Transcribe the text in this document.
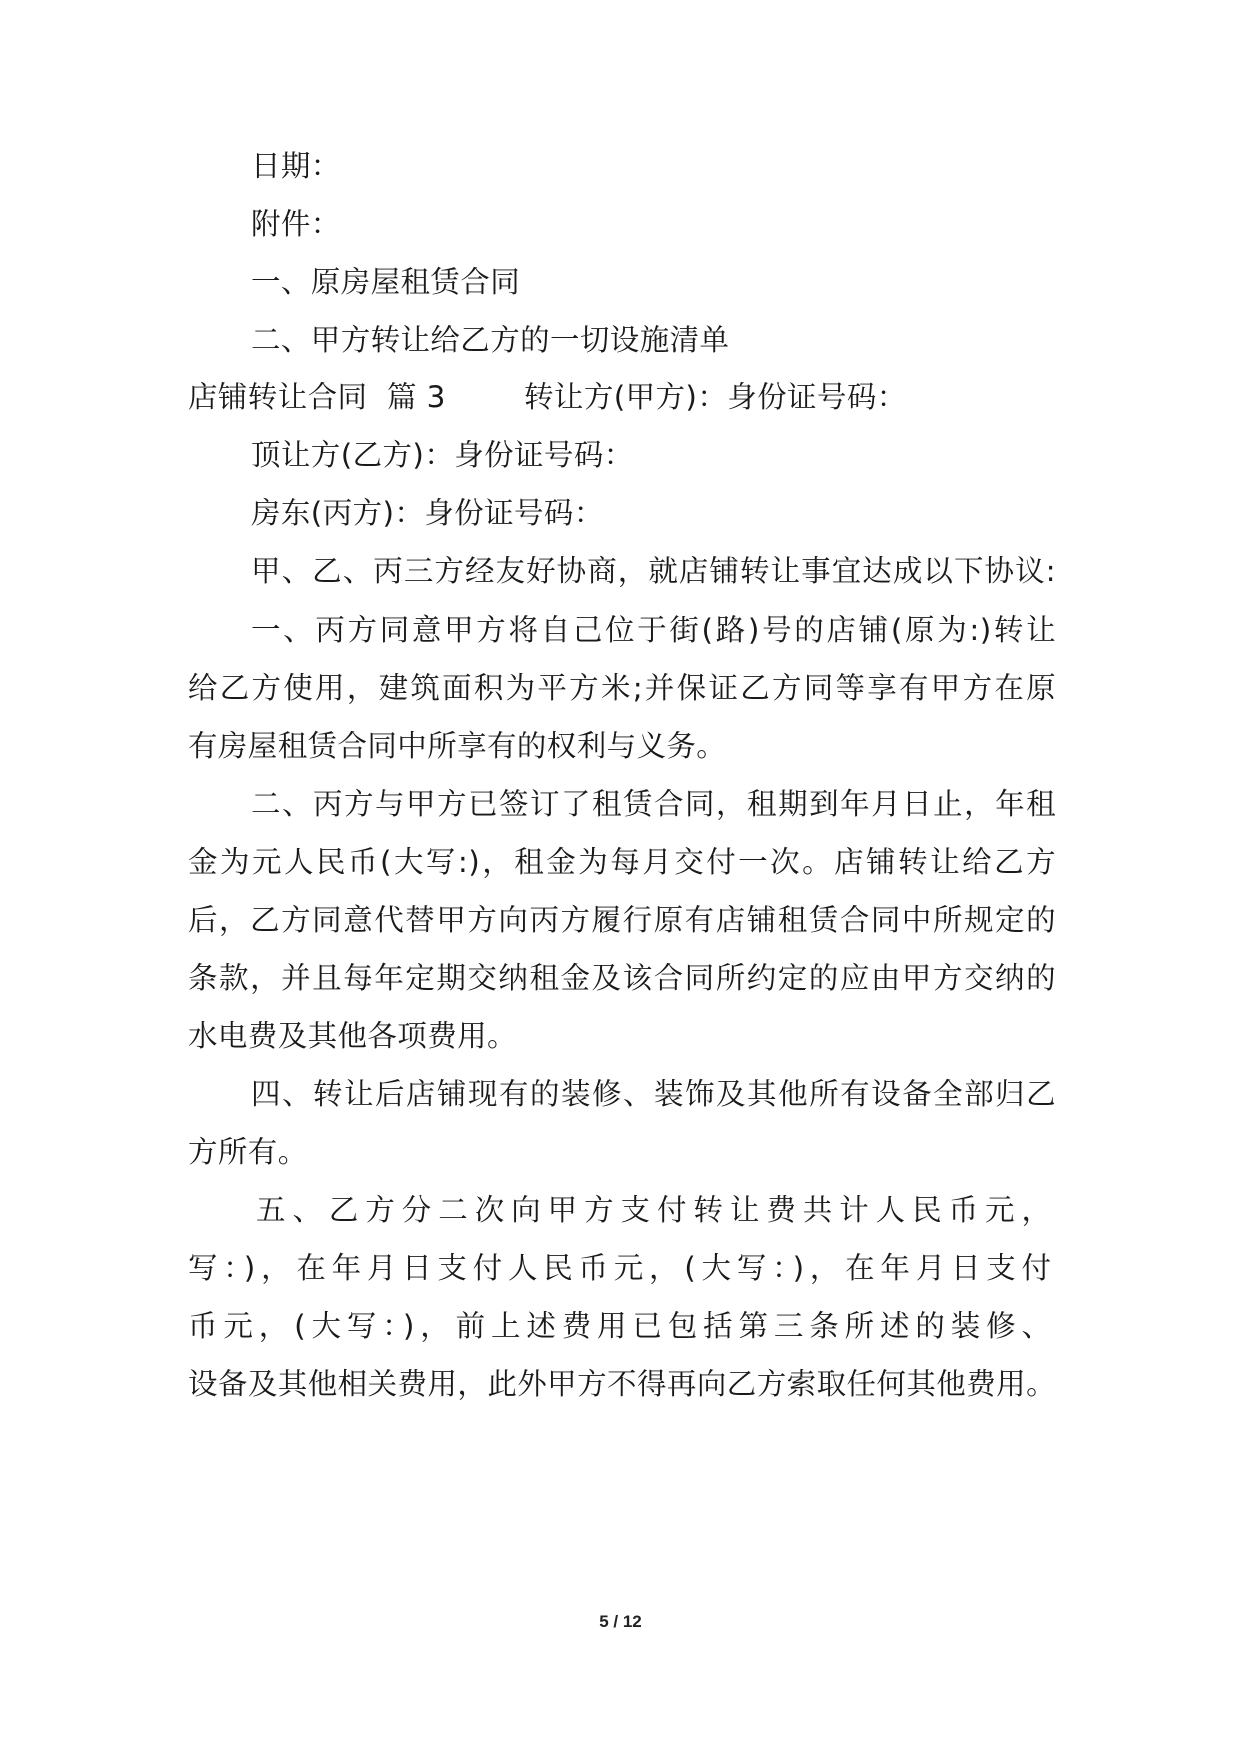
日期：
附件：
一、原房屋租赁合同
二、甲方转让给乙方的一切设施清单
店铺转让合同  篇 3        转让方(甲方)：身份证号码：
顶让方(乙方)：身份证号码：
房东(丙方)：身份证号码：
甲、乙、丙三方经友好协商，就店铺转让事宜达成以下协议:
一、丙方同意甲方将自己位于街(路)号的店铺(原为:)转让
给乙方使用，建筑面积为平方米;并保证乙方同等享有甲方在原
有房屋租赁合同中所享有的权利与义务。
二、丙方与甲方已签订了租赁合同，租期到年月日止，年租
金为元人民币(大写:)，租金为每月交付一次。店铺转让给乙方
后，乙方同意代替甲方向丙方履行原有店铺租赁合同中所规定的
条款，并且每年定期交纳租金及该合同所约定的应由甲方交纳的
水电费及其他各项费用。
四、转让后店铺现有的装修、装饰及其他所有设备全部归乙
方所有。
五、乙方分二次向甲方支付转让费共计人民币元，
写：)，在年月日支付人民币元，(大写：)，在年月日支付
币元，(大写：)，前上述费用已包括第三条所述的装修、
设备及其他相关费用，此外甲方不得再向乙方索取任何其他费用。
5 / 12
